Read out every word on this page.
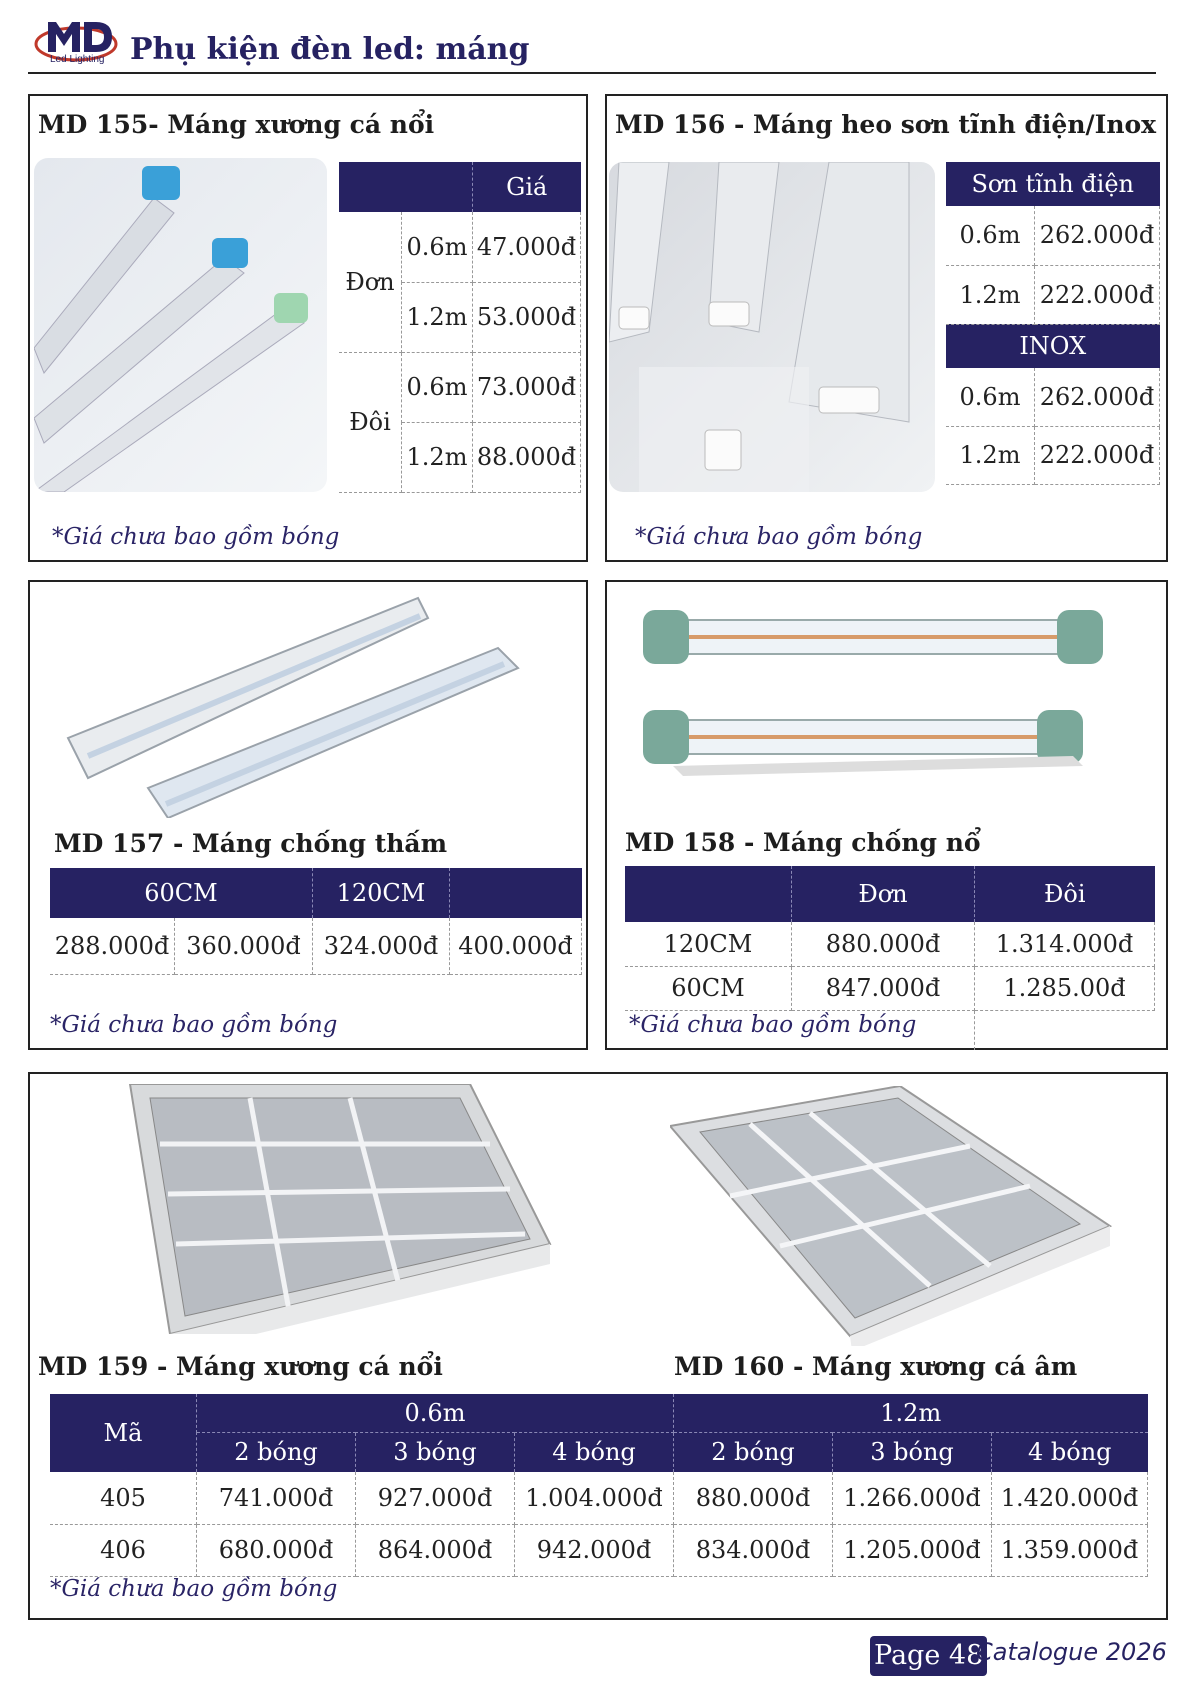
Led Lighting Phụ kiện đèn led: máng
MD 155- Máng xương cá nổi
		Giá
Đơn	0.6m	47.000đ
	1.2m	53.000đ
Đôi	0.6m	73.000đ
	1.2m	88.000đ
*Giá chưa bao gồm bóng
MD 156 - Máng heo sơn tĩnh điện/Inox
Sơn tĩnh điện	
0.6m	262.000đ
1.2m	222.000đ
INOX	
0.6m	262.000đ
1.2m	222.000đ
*Giá chưa bao gồm bóng
MD 157 - Máng chống thấm
60CM		120CM	
288.000đ	360.000đ	324.000đ	400.000đ
*Giá chưa bao gồm bóng
MD 158 - Máng chống nổ
	Đơn	Đôi
120CM	880.000đ	1.314.000đ
60CM	847.000đ	1.285.00đ

*Giá chưa bao gồm bóng
MD 159 - Máng xương cá nổi	MD 160 - Máng xương cá âm
Mã	0.6m			1.2m		
	2 bóng	3 bóng	4 bóng	2 bóng	3 bóng	4 bóng
405	741.000đ	927.000đ	1.004.000đ	880.000đ	1.266.000đ	1.420.000đ
406	680.000đ	864.000đ	942.000đ	834.000đ	1.205.000đ	1.359.000đ
*Giá chưa bao gồm bóng
Page 48
Catalogue 2026
